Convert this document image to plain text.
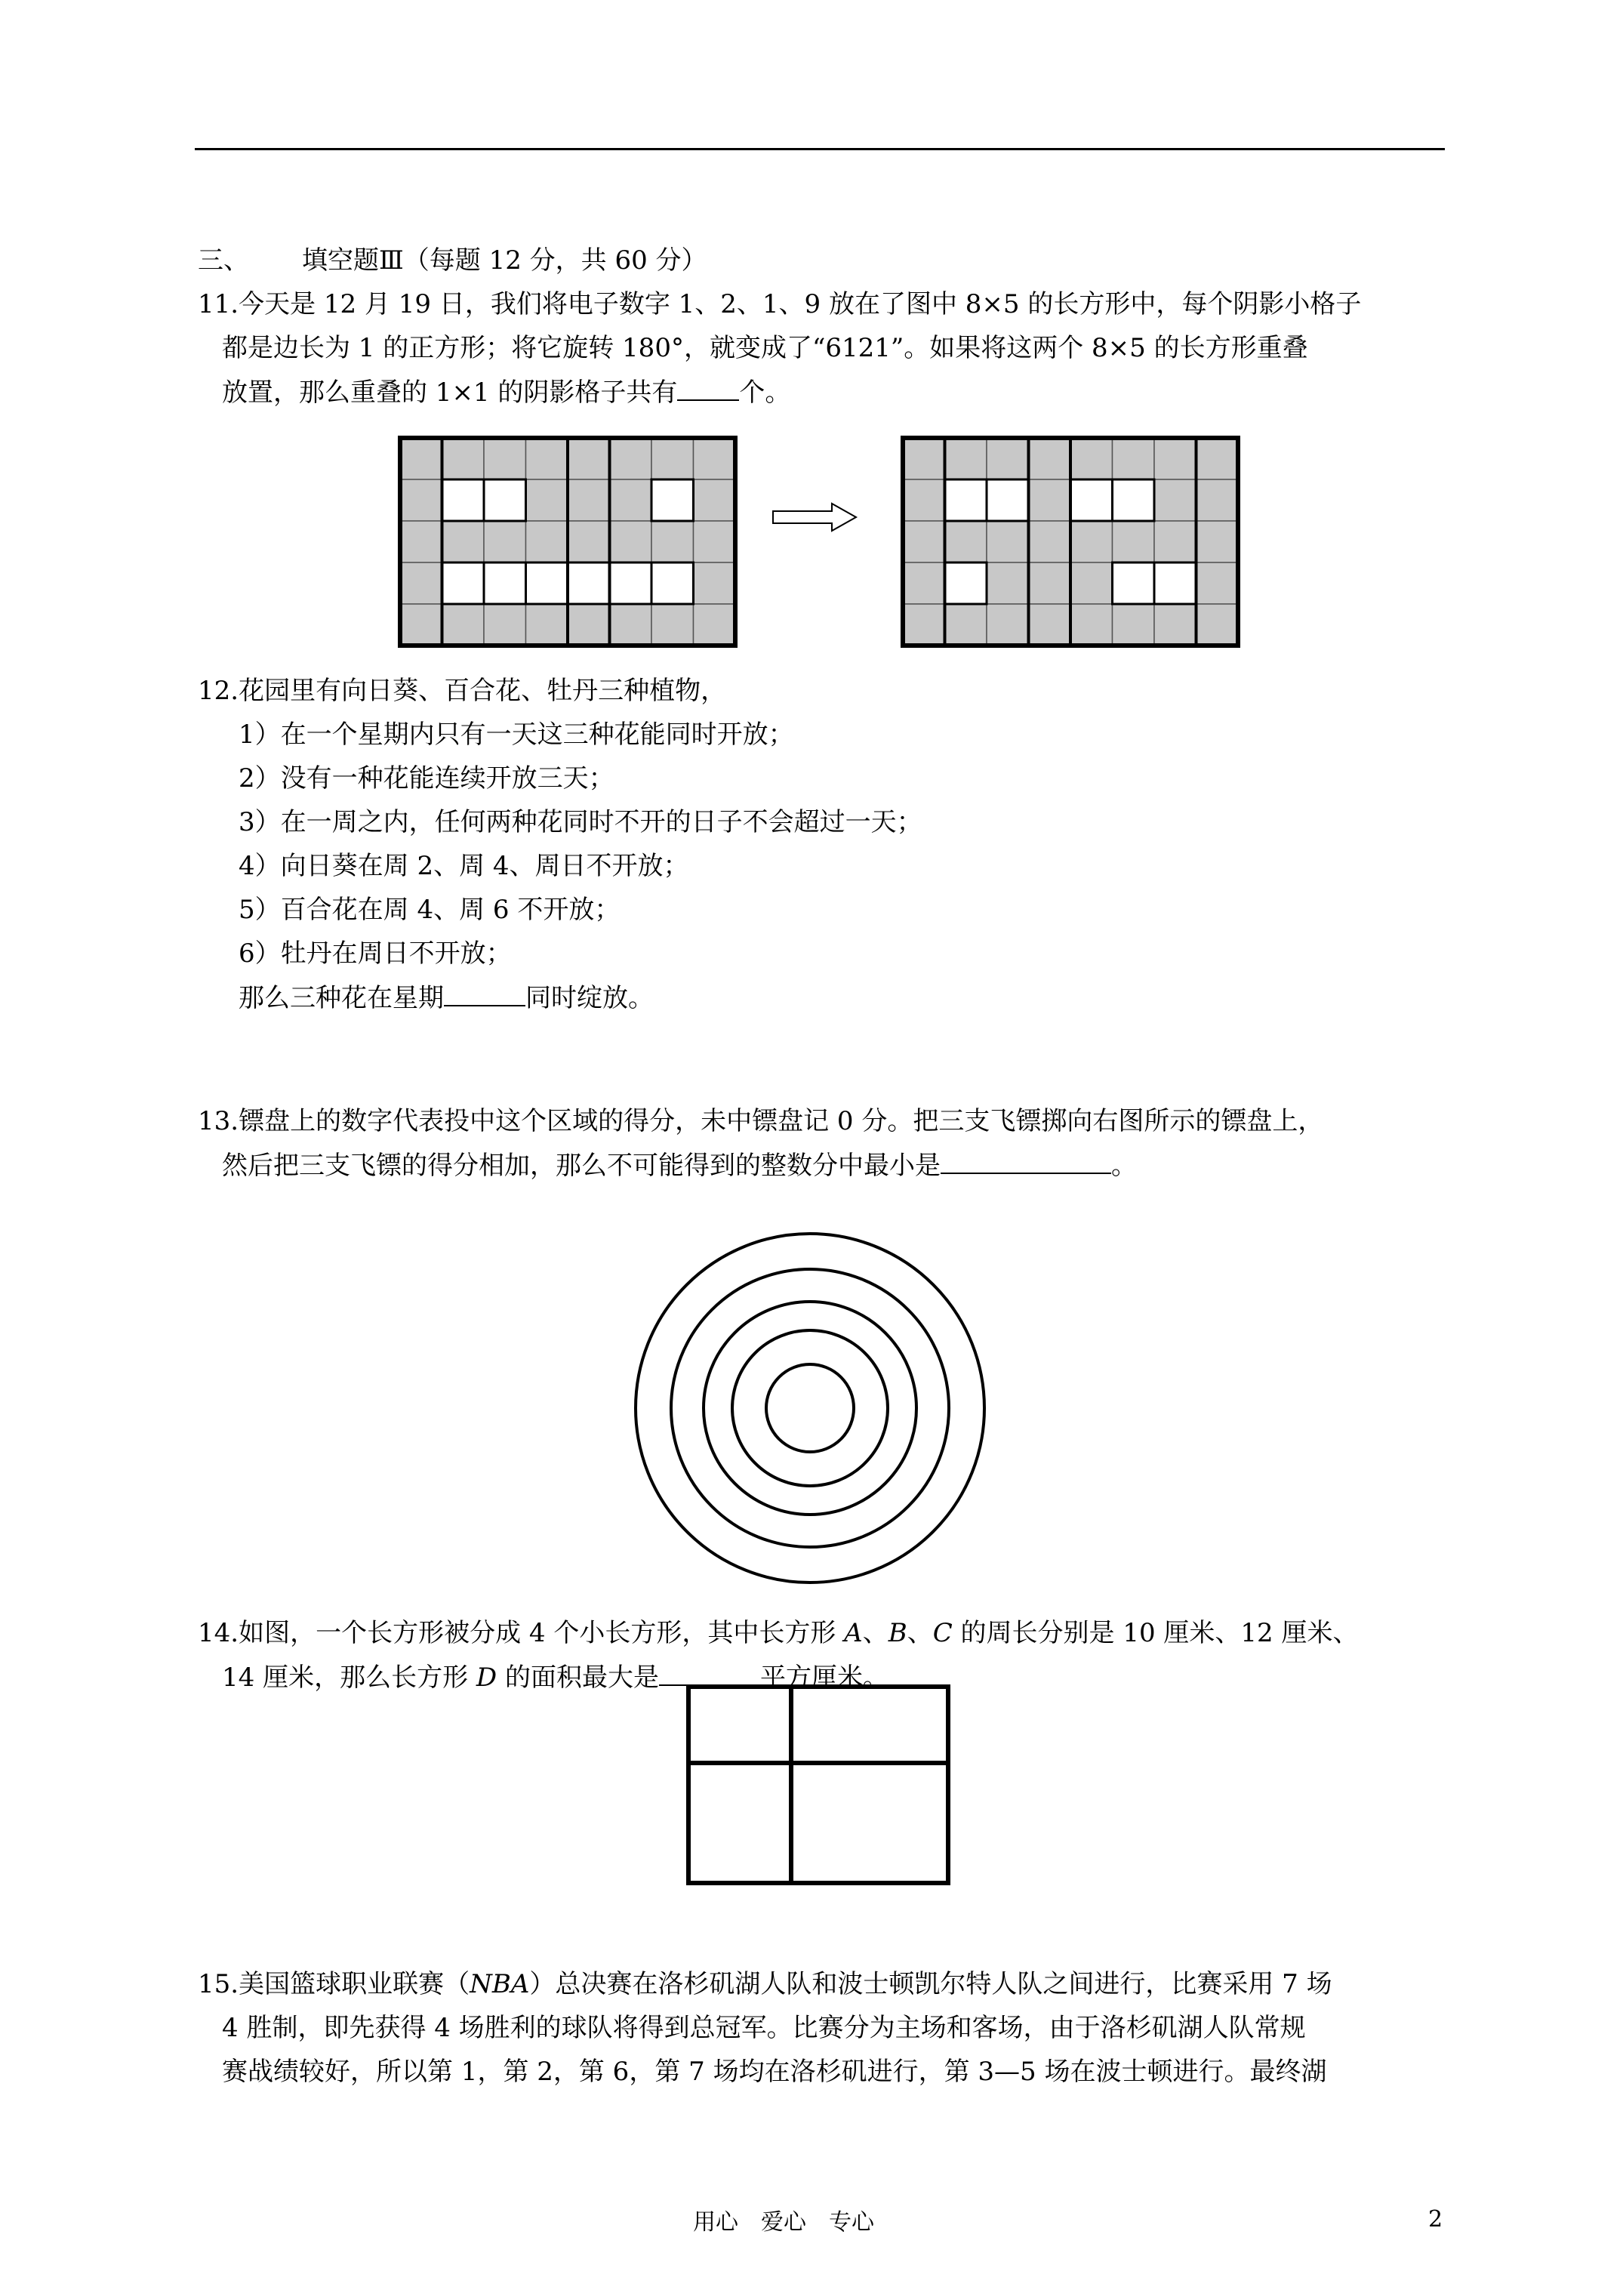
三、 填空题Ⅲ（每题 12 分，共 60 分）
11.今天是 12 月 19 日，我们将电子数字 1、2、1、9 放在了图中 8×5 的长方形中，每个阴影小格子
都是边长为 1 的正方形；将它旋转 180°，就变成了“6121”。如果将这两个 8×5 的长方形重叠
放置，那么重叠的 1×1 的阴影格子共有 个。
12.花园里有向日葵、百合花、牡丹三种植物，
1）在一个星期内只有一天这三种花能同时开放；
2）没有一种花能连续开放三天；
3）在一周之内，任何两种花同时不开的日子不会超过一天；
4）向日葵在周 2、周 4、周日不开放；
5）百合花在周 4、周 6 不开放；
6）牡丹在周日不开放；
那么三种花在星期	同时绽放。
13.镖盘上的数字代表投中这个区域的得分，未中镖盘记 0 分。把三支飞镖掷向右图所示的镖盘上，
然后把三支飞镖的得分相加，那么不可能得到的整数分中最小是	。
14.如图，一个长方形被分成 4 个小长方形，其中长方形 A、B、C 的周长分别是 10 厘米、12 厘米、
14 厘米，那么长方形 D 的面积最大是	平方厘米。
15.美国篮球职业联赛（NBA）总决赛在洛杉矶湖人队和波士顿凯尔特人队之间进行，比赛采用 7 场
4 胜制，即先获得 4 场胜利的球队将得到总冠军。比赛分为主场和客场，由于洛杉矶湖人队常规
赛战绩较好，所以第 1，第 2，第 6，第 7 场均在洛杉矶进行，第 3—5 场在波士顿进行。最终湖
用心　爱心　专心	2
